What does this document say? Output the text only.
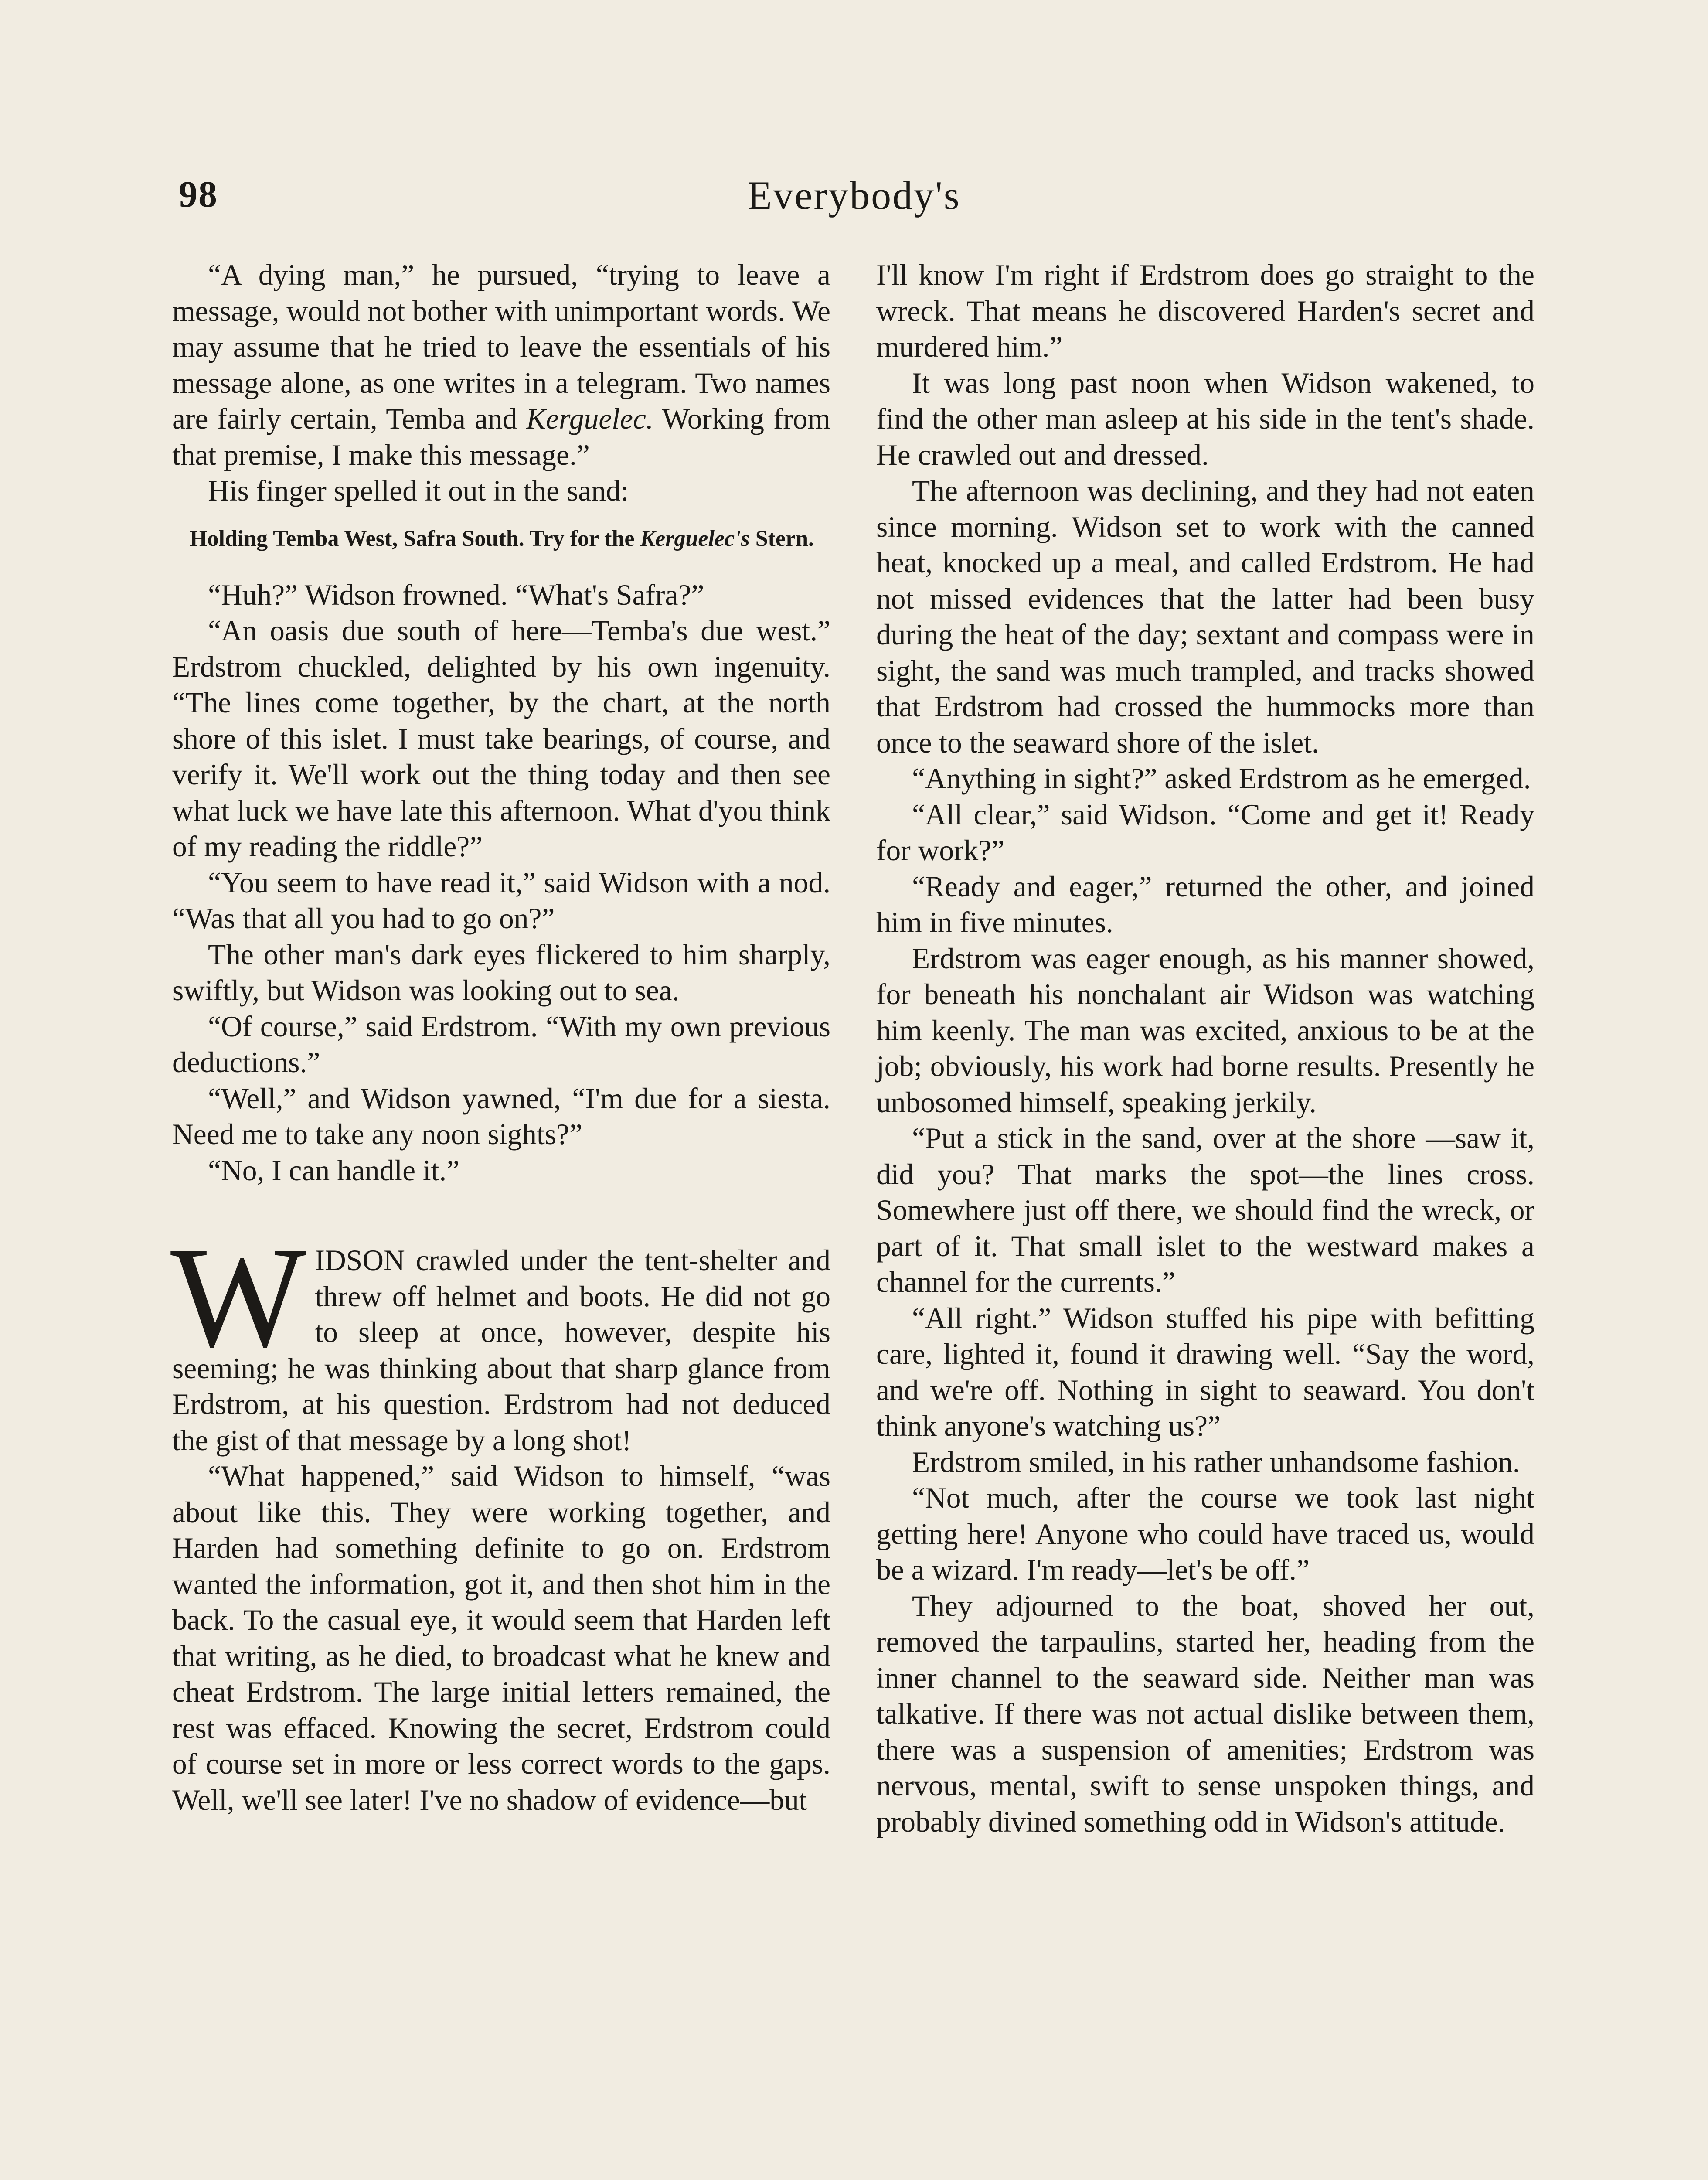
98	Everybody's

“A dying man,” he pursued, “trying to leave a message, would not bother with unimportant words. We may assume that he tried to leave the essentials of his message alone, as one writes in a telegram. Two names are fairly certain, Temba and Kerguelec. Working from that premise, I make this message.”

His finger spelled it out in the sand:

Holding Temba West, Safra South. Try for the Kerguelec's Stern.

“Huh?” Widson frowned. “What's Safra?”

“An oasis due south of here—Temba's due west.” Erdstrom chuckled, delighted by his own ingenuity. “The lines come together, by the chart, at the north shore of this islet. I must take bearings, of course, and verify it. We'll work out the thing today and then see what luck we have late this afternoon. What d'you think of my reading the riddle?”

“You seem to have read it,” said Widson with a nod. “Was that all you had to go on?”

The other man's dark eyes flickered to him sharply, swiftly, but Widson was looking out to sea.

“Of course,” said Erdstrom. “With my own previous deductions.”

“Well,” and Widson yawned, “I'm due for a siesta. Need me to take any noon sights?”

“No, I can handle it.”

WIDSON crawled under the tent-shelter and threw off helmet and boots. He did not go to sleep at once, however, despite his seeming; he was thinking about that sharp glance from Erdstrom, at his question. Erdstrom had not deduced the gist of that message by a long shot!

“What happened,” said Widson to himself, “was about like this. They were working together, and Harden had something definite to go on. Erdstrom wanted the information, got it, and then shot him in the back. To the casual eye, it would seem that Harden left that writing, as he died, to broadcast what he knew and cheat Erdstrom. The large initial letters remained, the rest was effaced. Knowing the secret, Erdstrom could of course set in more or less correct words to the gaps. Well, we'll see later! I've no shadow of evidence—but

I'll know I'm right if Erdstrom does go straight to the wreck. That means he discovered Harden's secret and murdered him.”

It was long past noon when Widson wakened, to find the other man asleep at his side in the tent's shade. He crawled out and dressed.

The afternoon was declining, and they had not eaten since morning. Widson set to work with the canned heat, knocked up a meal, and called Erdstrom. He had not missed evidences that the latter had been busy during the heat of the day; sextant and compass were in sight, the sand was much trampled, and tracks showed that Erdstrom had crossed the hummocks more than once to the seaward shore of the islet.

“Anything in sight?” asked Erdstrom as he emerged.

“All clear,” said Widson. “Come and get it! Ready for work?”

“Ready and eager,” returned the other, and joined him in five minutes.

Erdstrom was eager enough, as his manner showed, for beneath his nonchalant air Widson was watching him keenly. The man was excited, anxious to be at the job; obviously, his work had borne results. Presently he unbosomed himself, speaking jerkily.

“Put a stick in the sand, over at the shore —saw it, did you? That marks the spot—the lines cross. Somewhere just off there, we should find the wreck, or part of it. That small islet to the westward makes a channel for the currents.”

“All right.” Widson stuffed his pipe with befitting care, lighted it, found it drawing well. “Say the word, and we're off. Nothing in sight to seaward. You don't think anyone's watching us?”

Erdstrom smiled, in his rather unhandsome fashion.

“Not much, after the course we took last night getting here! Anyone who could have traced us, would be a wizard. I'm ready—let's be off.”

They adjourned to the boat, shoved her out, removed the tarpaulins, started her, heading from the inner channel to the seaward side. Neither man was talkative. If there was not actual dislike between them, there was a suspension of amenities; Erdstrom was nervous, mental, swift to sense unspoken things, and probably divined something odd in Widson's attitude.
